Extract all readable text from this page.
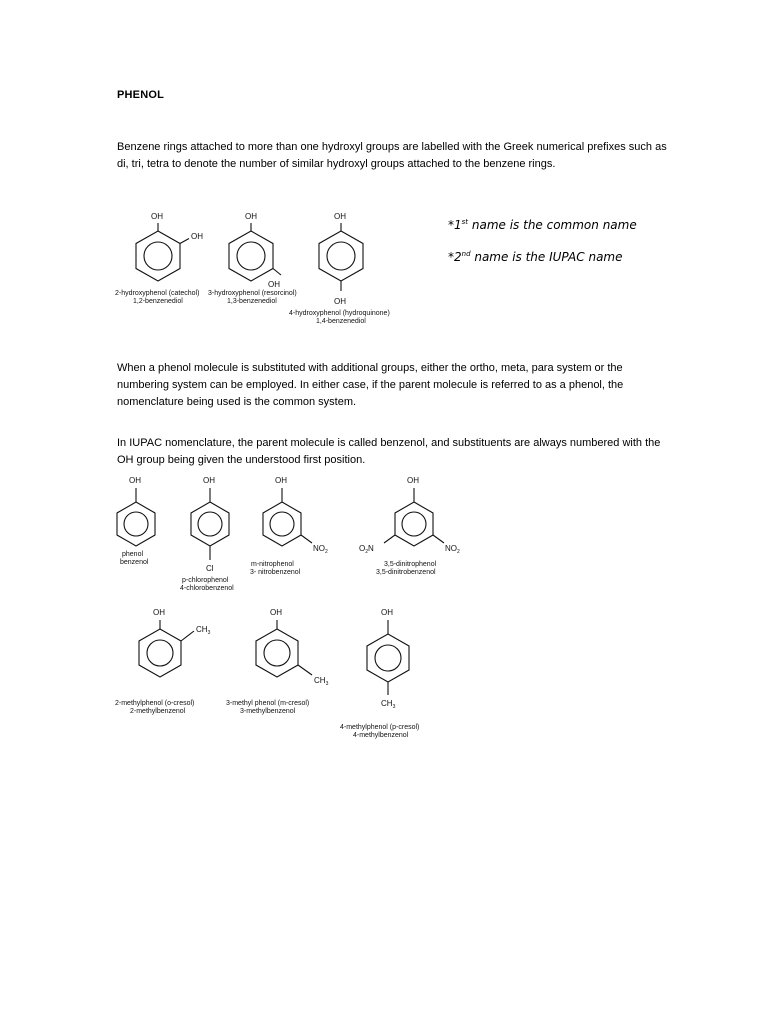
PHENOL
Benzene rings attached to more than one hydroxyl groups are labelled with the Greek numerical prefixes such as di, tri, tetra to denote the number of similar hydroxyl groups attached to the benzene rings.
OH
OH
2-hydroxyphenol (catechol)
1,2-benzenediol
OH
OH
3-hydroxyphenol (resorcinol)
1,3-benzenediol
OH
OH
4-hydroxyphenol (hydroquinone)
1,4-benzenediol
*1st name is the common name
*2nd name is the IUPAC name
When a phenol molecule is substituted with additional groups, either the ortho, meta, para system or the numbering system can be employed. In either case, if the parent molecule is referred to as a phenol, the nomenclature being used is the common system.
In IUPAC nomenclature, the parent molecule is called benzenol, and substituents are always numbered with the OH group being given the understood first position.
OH
phenol
benzenol
OH
Cl
p-chlorophenol
4-chlorobenzenol
OH
$NO_2$
m-nitrophenol
3- nitrobenzenol
OH
$NO_2$
$O_2N$
3,5-dinitrophenol
3,5-dinitrobenzenol
OH
$CH_3$
2-methylphenol (o-cresol)
2-methylbenzenol
OH
$CH_3$
3-methyl phenol (m-cresol)
3-methylbenzenol
OH
$CH_3$
4-methylphenol (p-cresol)
4-methylbenzenol
